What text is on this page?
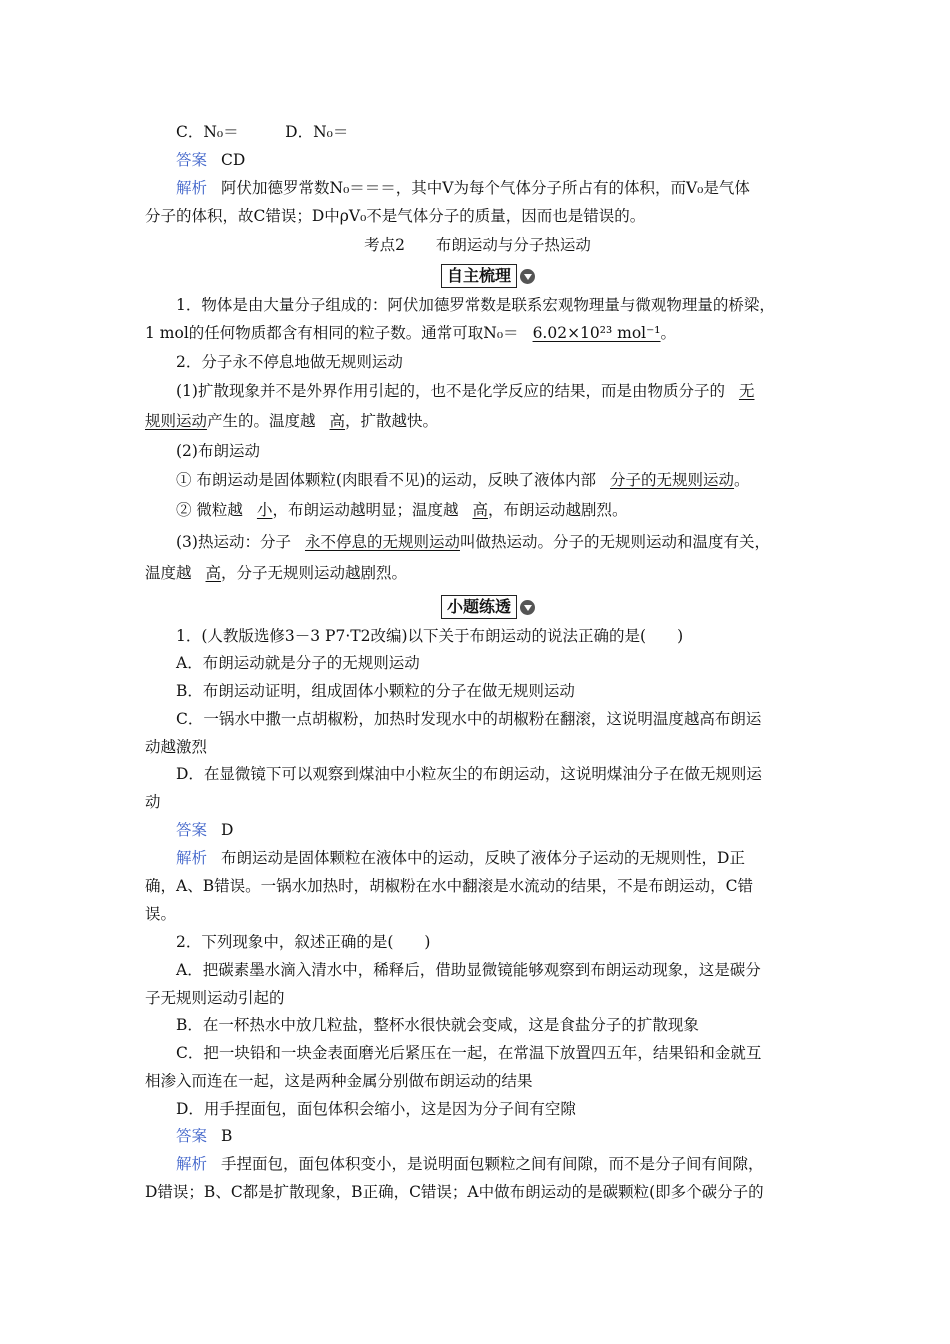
C．N₀＝　　　D．N₀＝
答案 CD
解析 阿伏加德罗常数N₀＝＝＝，其中V为每个气体分子所占有的体积，而V₀是气体
分子的体积，故C错误；D中ρV₀不是气体分子的质量，因而也是错误的。
考点2　　布朗运动与分子热运动
自主梳理
1．物体是由大量分子组成的：阿伏加德罗常数是联系宏观物理量与微观物理量的桥梁，
1 mol的任何物质都含有相同的粒子数。通常可取N₀＝ 6.02×10²³ mol⁻¹。
2．分子永不停息地做无规则运动
(1)扩散现象并不是外界作用引起的，也不是化学反应的结果，而是由物质分子的 无
规则运动产生的。温度越 高，扩散越快。
(2)布朗运动
① 布朗运动是固体颗粒(肉眼看不见)的运动，反映了液体内部 分子的无规则运动。
② 微粒越 小，布朗运动越明显；温度越 高，布朗运动越剧烈。
(3)热运动：分子 永不停息的无规则运动叫做热运动。分子的无规则运动和温度有关，
温度越 高，分子无规则运动越剧烈。
小题练透
1．(人教版选修3－3 P7·T2改编)以下关于布朗运动的说法正确的是(　　)
A．布朗运动就是分子的无规则运动
B．布朗运动证明，组成固体小颗粒的分子在做无规则运动
C．一锅水中撒一点胡椒粉，加热时发现水中的胡椒粉在翻滚，这说明温度越高布朗运
动越激烈
D．在显微镜下可以观察到煤油中小粒灰尘的布朗运动，这说明煤油分子在做无规则运
动
答案 D
解析 布朗运动是固体颗粒在液体中的运动，反映了液体分子运动的无规则性，D正
确，A、B错误。一锅水加热时，胡椒粉在水中翻滚是水流动的结果，不是布朗运动，C错
误。
2．下列现象中，叙述正确的是(　　)
A．把碳素墨水滴入清水中，稀释后，借助显微镜能够观察到布朗运动现象，这是碳分
子无规则运动引起的
B．在一杯热水中放几粒盐，整杯水很快就会变咸，这是食盐分子的扩散现象
C．把一块铅和一块金表面磨光后紧压在一起，在常温下放置四五年，结果铅和金就互
相渗入而连在一起，这是两种金属分别做布朗运动的结果
D．用手捏面包，面包体积会缩小，这是因为分子间有空隙
答案 B
解析 手捏面包，面包体积变小，是说明面包颗粒之间有间隙，而不是分子间有间隙，
D错误；B、C都是扩散现象，B正确，C错误；A中做布朗运动的是碳颗粒(即多个碳分子的
